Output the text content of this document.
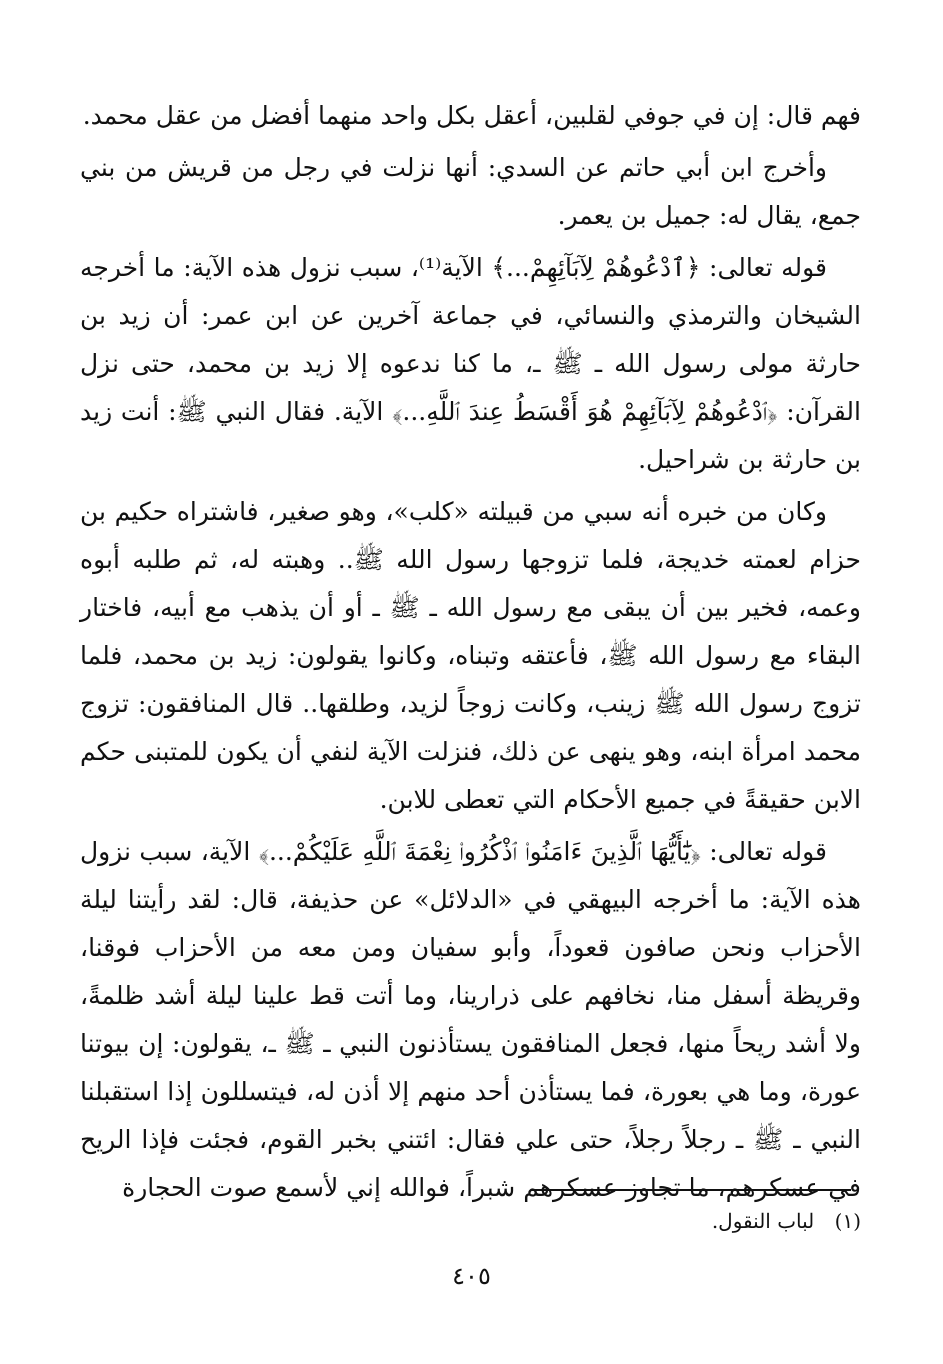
فهم قال: إن في جوفي لقلبين، أعقل بكل واحد منهما أفضل من عقل محمد.

وأخرج ابن أبي حاتم عن السدي: أنها نزلت في رجل من قريش من بني جمع، يقال له: جميل بن يعمر.

قوله تعالى: ﴿ٱدْعُوهُمْ لِآبَآئِهِمْ...﴾ الآية⁽¹⁾، سبب نزول هذه الآية: ما أخرجه الشيخان والترمذي والنسائي، في جماعة آخرين عن ابن عمر: أن زيد بن حارثة مولى رسول الله ـ ﷺ ـ، ما كنا ندعوه إلا زيد بن محمد، حتى نزل القرآن: ﴿ٱدْعُوهُمْ لِآبَآئِهِمْ هُوَ أَقْسَطُ عِندَ ٱللَّهِ...﴾ الآية. فقال النبي ﷺ: أنت زيد بن حارثة بن شراحيل.

وكان من خبره أنه سبي من قبيلته «كلب»، وهو صغير، فاشتراه حكيم بن حزام لعمته خديجة، فلما تزوجها رسول الله ﷺ.. وهبته له، ثم طلبه أبوه وعمه، فخير بين أن يبقى مع رسول الله ـ ﷺ ـ أو أن يذهب مع أبيه، فاختار البقاء مع رسول الله ﷺ، فأعتقه وتبناه، وكانوا يقولون: زيد بن محمد، فلما تزوج رسول الله ﷺ زينب، وكانت زوجاً لزيد، وطلقها.. قال المنافقون: تزوج محمد امرأة ابنه، وهو ينهى عن ذلك، فنزلت الآية لنفي أن يكون للمتبنى حكم الابن حقيقةً في جميع الأحكام التي تعطى للابن.

قوله تعالى: ﴿يَٰٓأَيُّهَا ٱلَّذِينَ ءَامَنُوا۟ ٱذْكُرُوا۟ نِعْمَةَ ٱللَّهِ عَلَيْكُمْ...﴾ الآية، سبب نزول هذه الآية: ما أخرجه البيهقي في «الدلائل» عن حذيفة، قال: لقد رأيتنا ليلة الأحزاب ونحن صافون قعوداً، وأبو سفيان ومن معه من الأحزاب فوقنا، وقريظة أسفل منا، نخافهم على ذرارينا، وما أتت قط علينا ليلة أشد ظلمةً، ولا أشد ريحاً منها، فجعل المنافقون يستأذنون النبي ـ ﷺ ـ، يقولون: إن بيوتنا عورة، وما هي بعورة، فما يستأذن أحد منهم إلا أذن له، فيتسللون إذا استقبلنا النبي ـ ﷺ ـ رجلاً رجلاً، حتى علي فقال: ائتني بخبر القوم، فجئت فإذا الريح في عسكرهم، ما تجاوز عسكرهم شبراً، فوالله إني لأسمع صوت الحجارة

(١) لباب النقول.
٤٠٥
